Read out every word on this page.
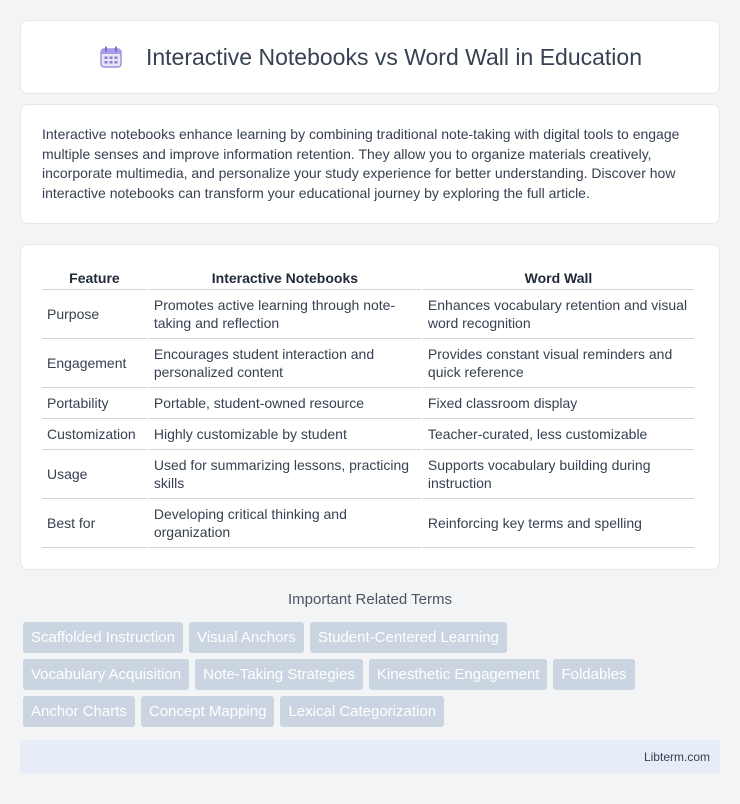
Interactive Notebooks vs Word Wall in Education

Interactive notebooks enhance learning by combining traditional note-taking with digital tools to engage multiple senses and improve information retention. They allow you to organize materials creatively, incorporate multimedia, and personalize your study experience for better understanding. Discover how interactive notebooks can transform your educational journey by exploring the full article.

Feature	Interactive Notebooks	Word Wall
Purpose	Promotes active learning through note-taking and reflection	Enhances vocabulary retention and visual word recognition
Engagement	Encourages student interaction and personalized content	Provides constant visual reminders and quick reference
Portability	Portable, student-owned resource	Fixed classroom display
Customization	Highly customizable by student	Teacher-curated, less customizable
Usage	Used for summarizing lessons, practicing skills	Supports vocabulary building during instruction
Best for	Developing critical thinking and organization	Reinforcing key terms and spelling
Important Related Terms
Scaffolded Instruction	Visual Anchors	Student-Centered Learning
Vocabulary Acquisition	Note-Taking Strategies	Kinesthetic Engagement	Foldables
Anchor Charts	Concept Mapping	Lexical Categorization
Libterm.com
